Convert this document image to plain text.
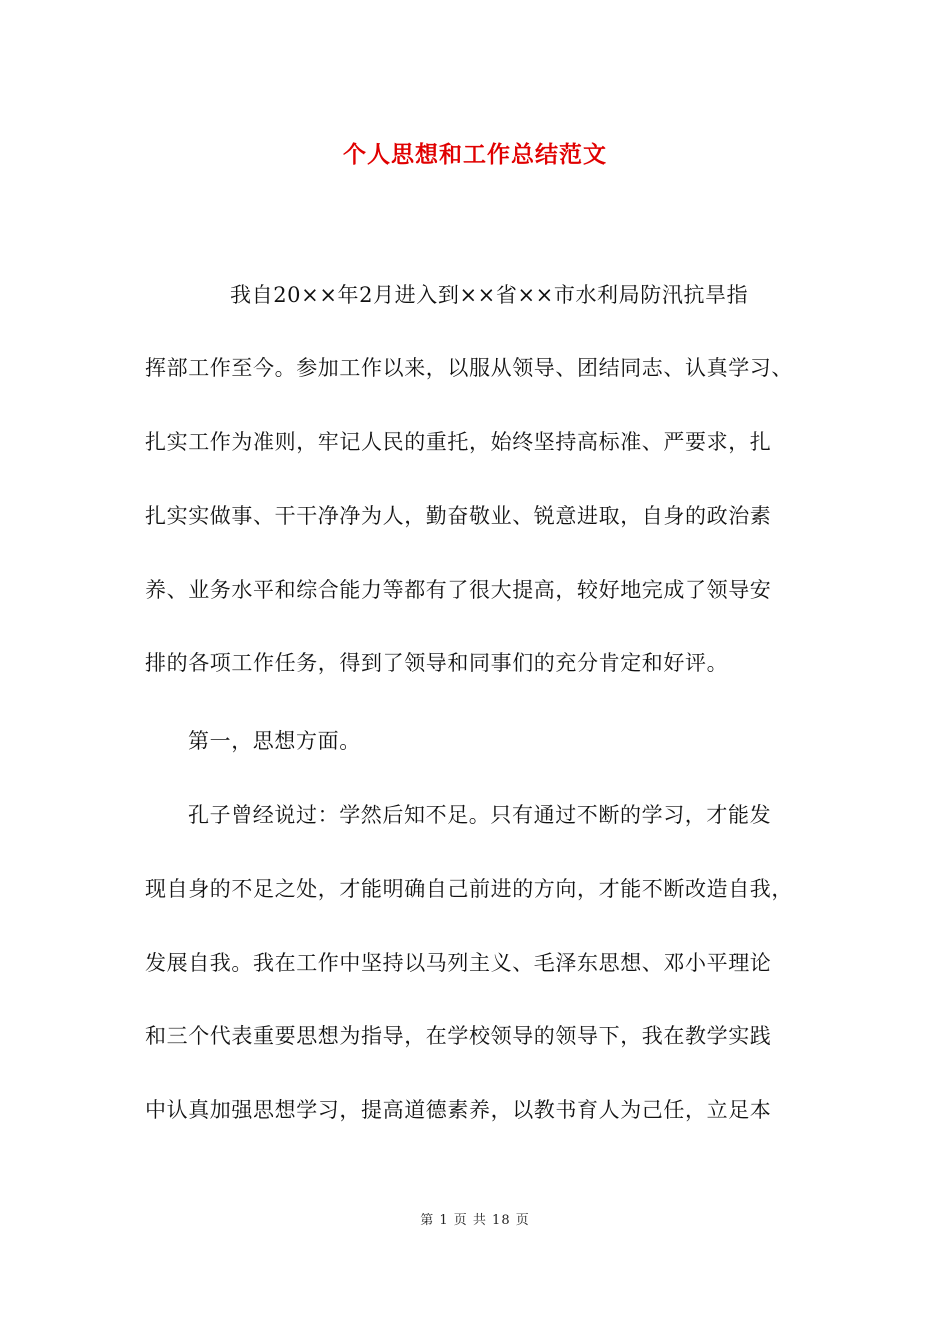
个人思想和工作总结范文
我自20××年2月进入到××省××市水利局防汛抗旱指
挥部工作至今。参加工作以来，以服从领导、团结同志、认真学习、
扎实工作为准则，牢记人民的重托，始终坚持高标准、严要求，扎
扎实实做事、干干净净为人，勤奋敬业、锐意进取，自身的政治素
养、业务水平和综合能力等都有了很大提高，较好地完成了领导安
排的各项工作任务，得到了领导和同事们的充分肯定和好评。
第一，思想方面。
孔子曾经说过：学然后知不足。只有通过不断的学习，才能发
现自身的不足之处，才能明确自己前进的方向，才能不断改造自我，
发展自我。我在工作中坚持以马列主义、毛泽东思想、邓小平理论
和三个代表重要思想为指导，在学校领导的领导下，我在教学实践
中认真加强思想学习，提高道德素养，以教书育人为己任，立足本
第 1 页 共 18 页
